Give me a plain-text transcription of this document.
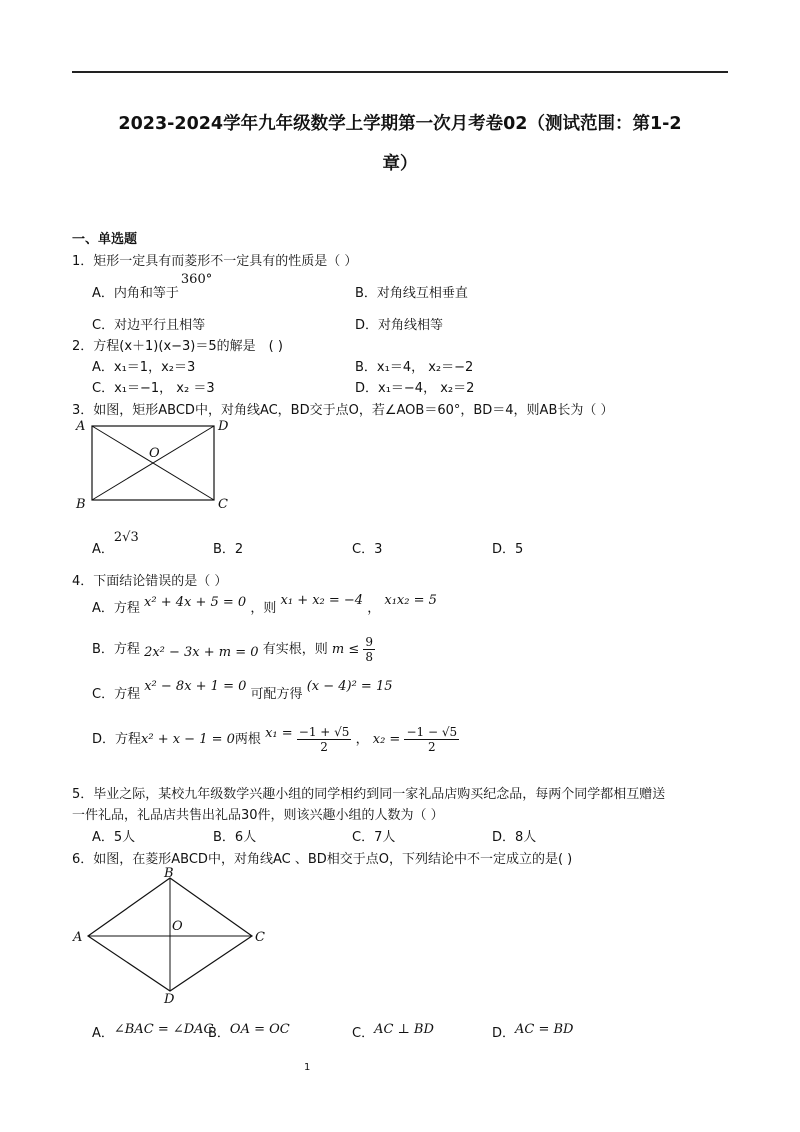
2023-2024学年九年级数学上学期第一次月考卷02（测试范围：第1-2
章）
一、单选题
1．矩形一定具有而菱形不一定具有的性质是（ ）
A．内角和等于360°
B．对角线互相垂直
C．对边平行且相等	D．对角线相等
2．方程(x＋1)(x−3)＝5的解是　( )
A．x₁＝1，x₂＝3	B．x₁＝4， x₂＝−2
C．x₁＝−1， x₂ ＝3	D．x₁＝−4， x₂＝2
3．如图，矩形ABCD中，对角线AC，BD交于点O，若∠AOB＝60°，BD＝4，则AB长为（ ）
A	D
O
B	C
A．2√3
B．2	C．3	D．5
4．下面结论错误的是（ ）
A．方程 x² + 4x + 5 = 0 ，则 x₁ + x₂ = −4 ， x₁x₂ = 5
B．方程 2x² − 3x + m = 0 有实根，则 $m \le \frac{9}{8}$
C．方程 x² − 8x + 1 = 0 可配方得 (x − 4)² = 15
D．方程x² + x − 1 = 0两根 $x_1 = \frac{-1 + √5}{2}$ ， $x_2 = \frac{-1 - √5}{2}$
5．毕业之际，某校九年级数学兴趣小组的同学相约到同一家礼品店购买纪念品，每两个同学都相互赠送
一件礼品，礼品店共售出礼品30件，则该兴趣小组的人数为（ ）
A．5人	B．6人	C．7人	D．8人
6．如图，在菱形ABCD中，对角线AC 、BD相交于点O，下列结论中不一定成立的是( )
B
O
A	C
D
A．∠BAC = ∠DAC
B．OA = OC	C．AC ⊥ BD	D．AC = BD
1
